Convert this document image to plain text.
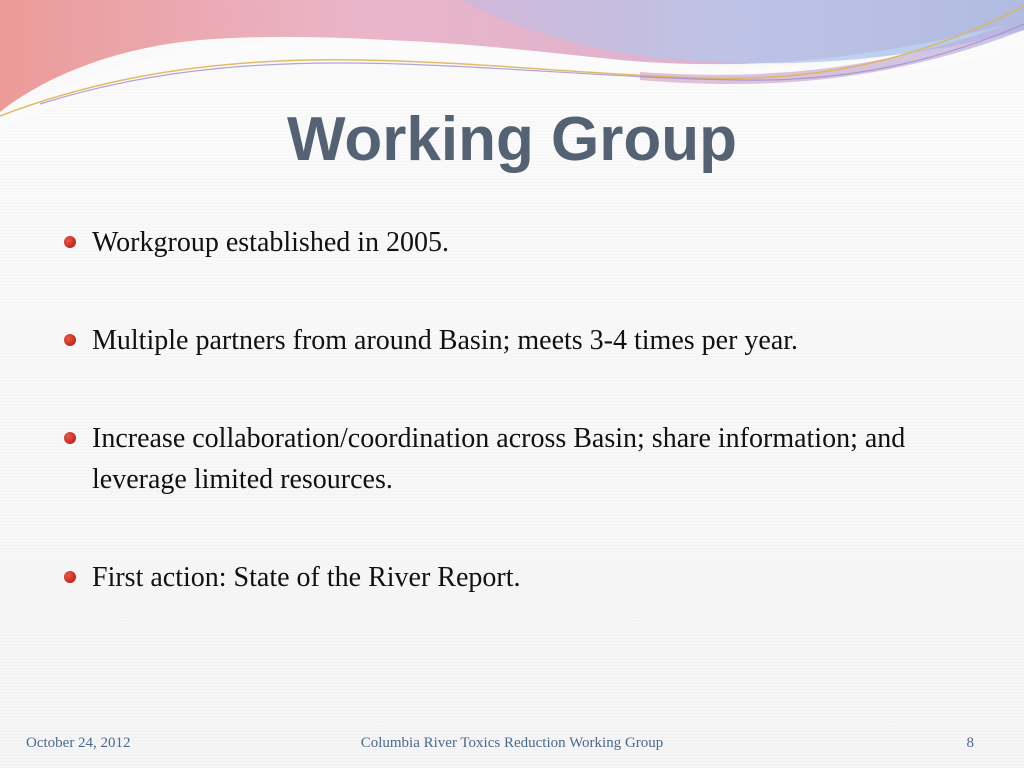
Working Group
Workgroup established in 2005.
Multiple partners from around Basin; meets 3-4 times per year.
Increase collaboration/coordination across Basin; share information; and leverage limited resources.
First action: State of the River Report.

Columbia River Toxics Reduction Working Group

October 24, 2012	8
